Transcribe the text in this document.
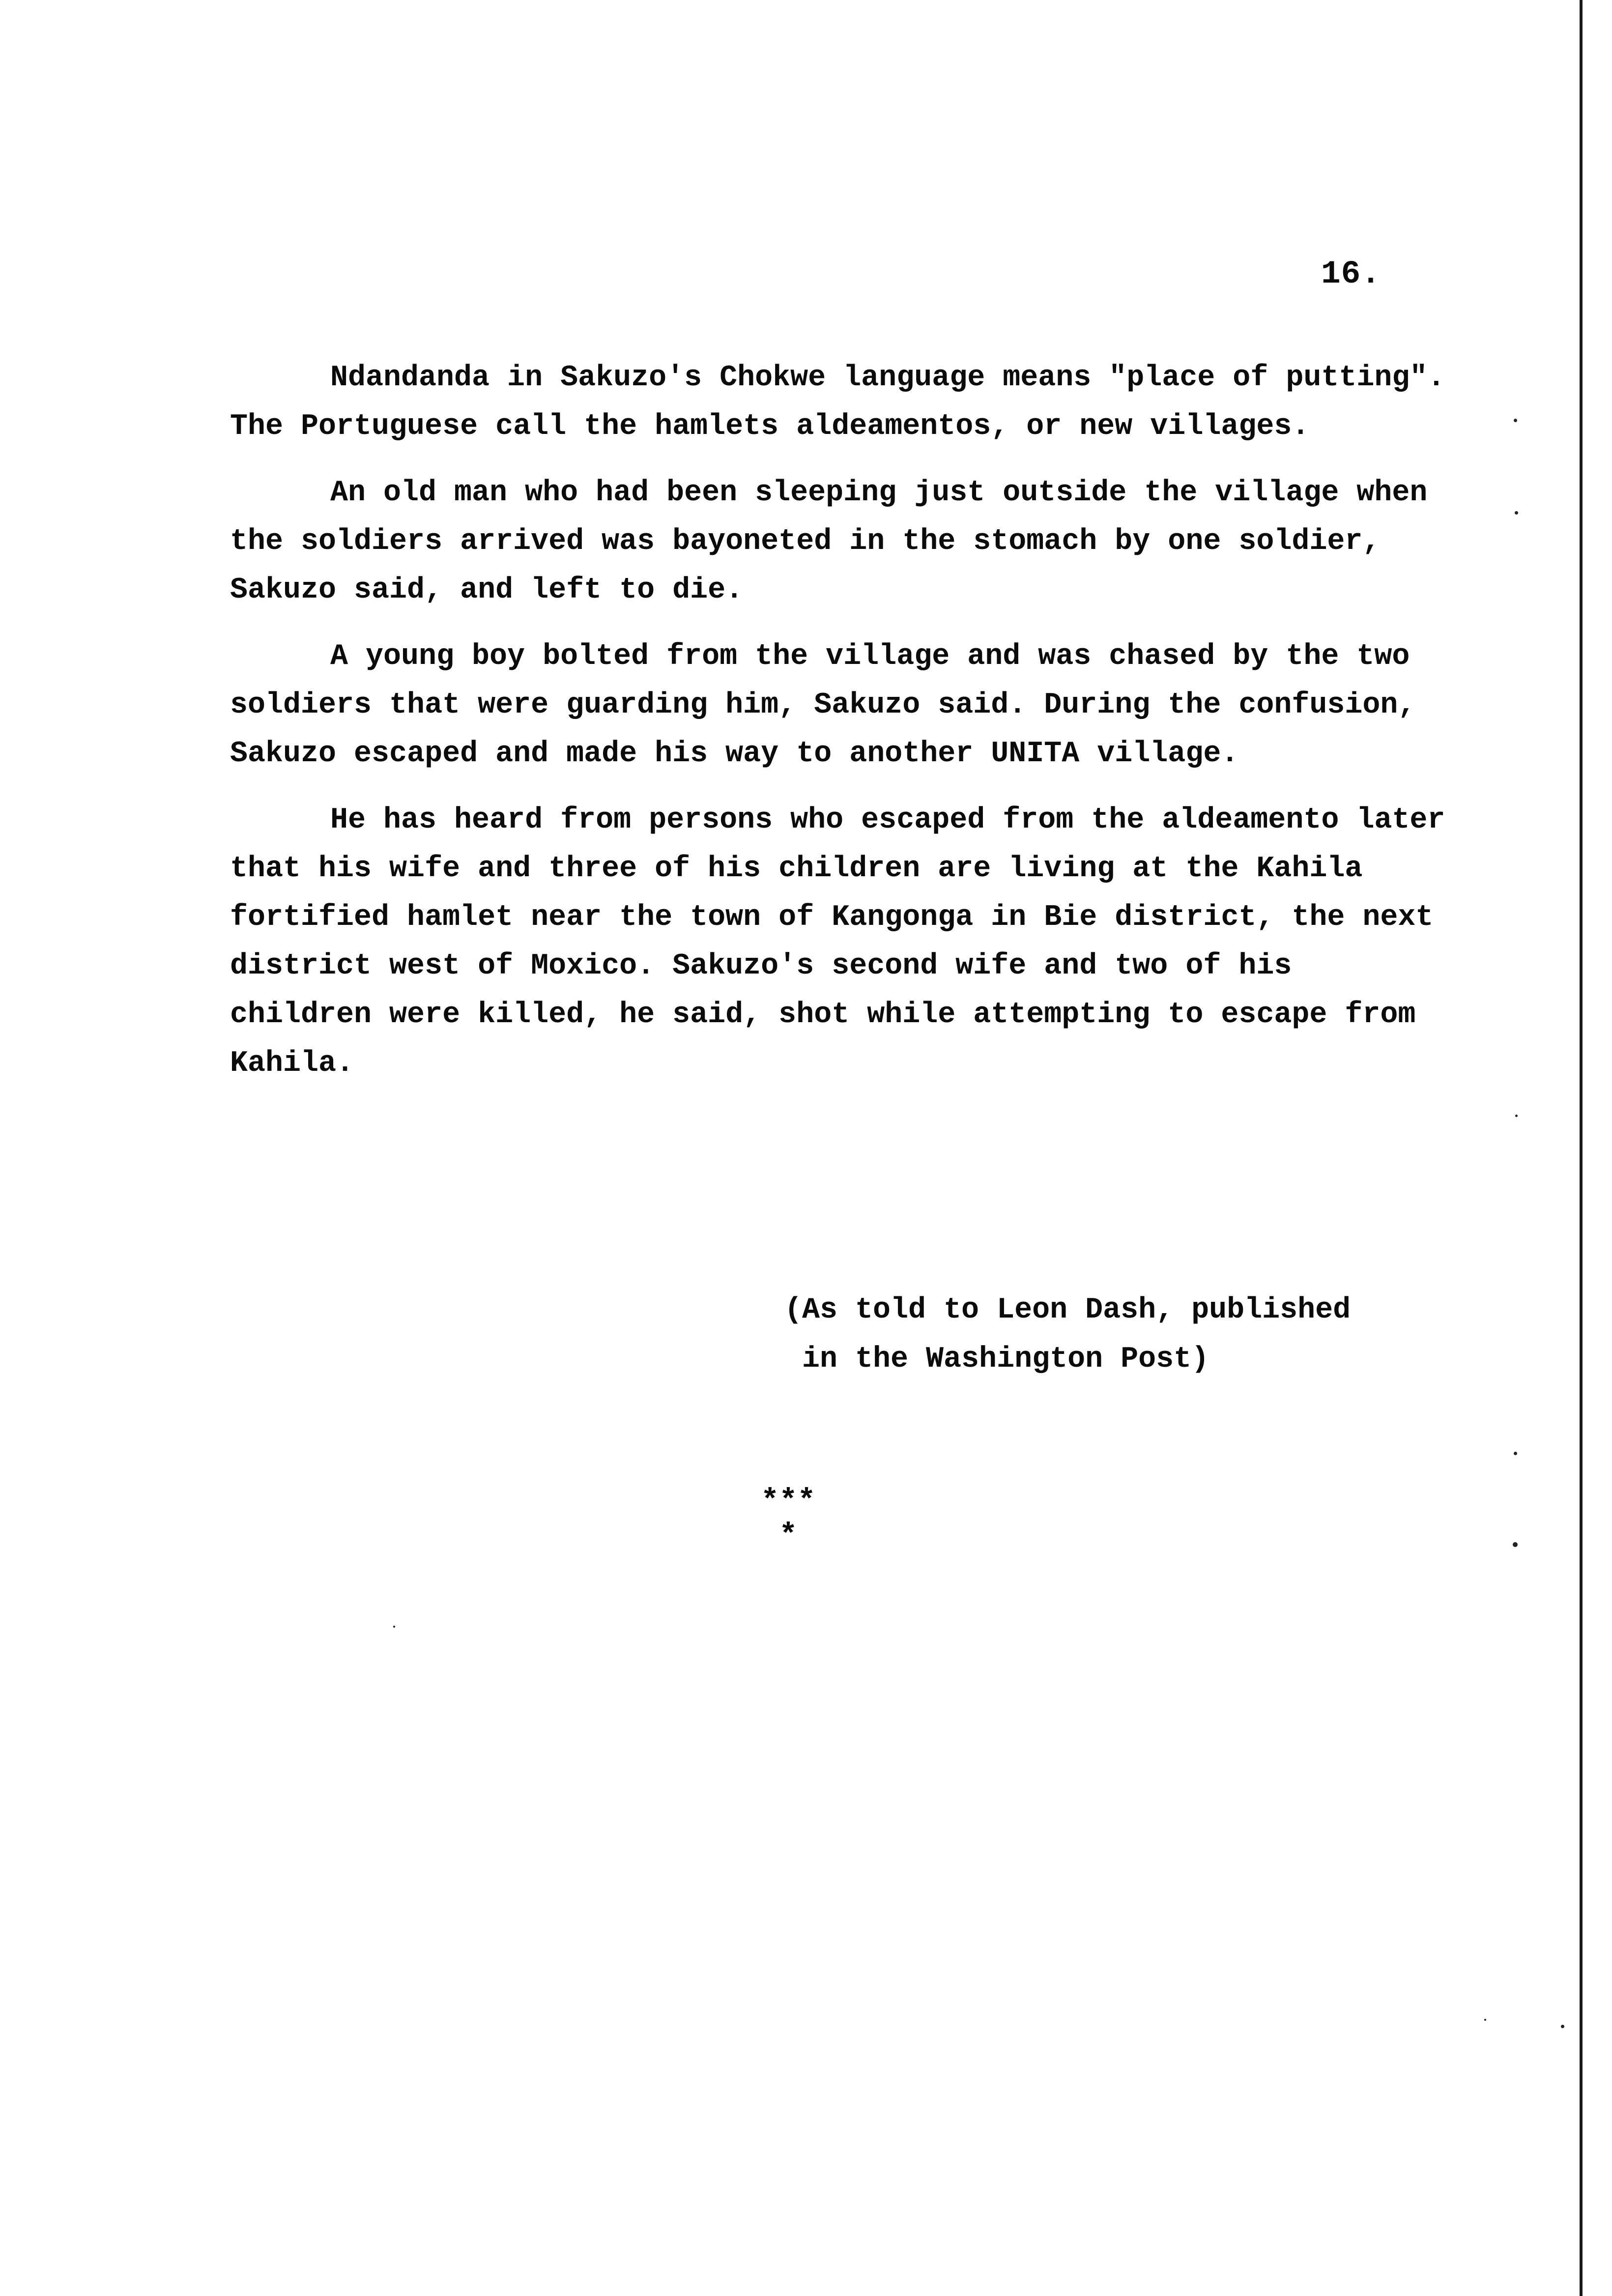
16.

Ndandanda in Sakuzo's Chokwe language means "place of putting". The Portuguese call the hamlets aldeamentos, or new villages.

An old man who had been sleeping just outside the village when the soldiers arrived was bayoneted in the stomach by one soldier, Sakuzo said, and left to die.

A young boy bolted from the village and was chased by the two soldiers that were guarding him, Sakuzo said. During the confusion, Sakuzo escaped and made his way to another UNITA village.

He has heard from persons who escaped from the aldeamento later that his wife and three of his children are living at the Kahila fortified hamlet near the town of Kangonga in Bie district, the next district west of Moxico. Sakuzo's second wife and two of his children were killed, he said, shot while attempting to escape from Kahila.

(As told to Leon Dash, published
in the Washington Post)
***
*
